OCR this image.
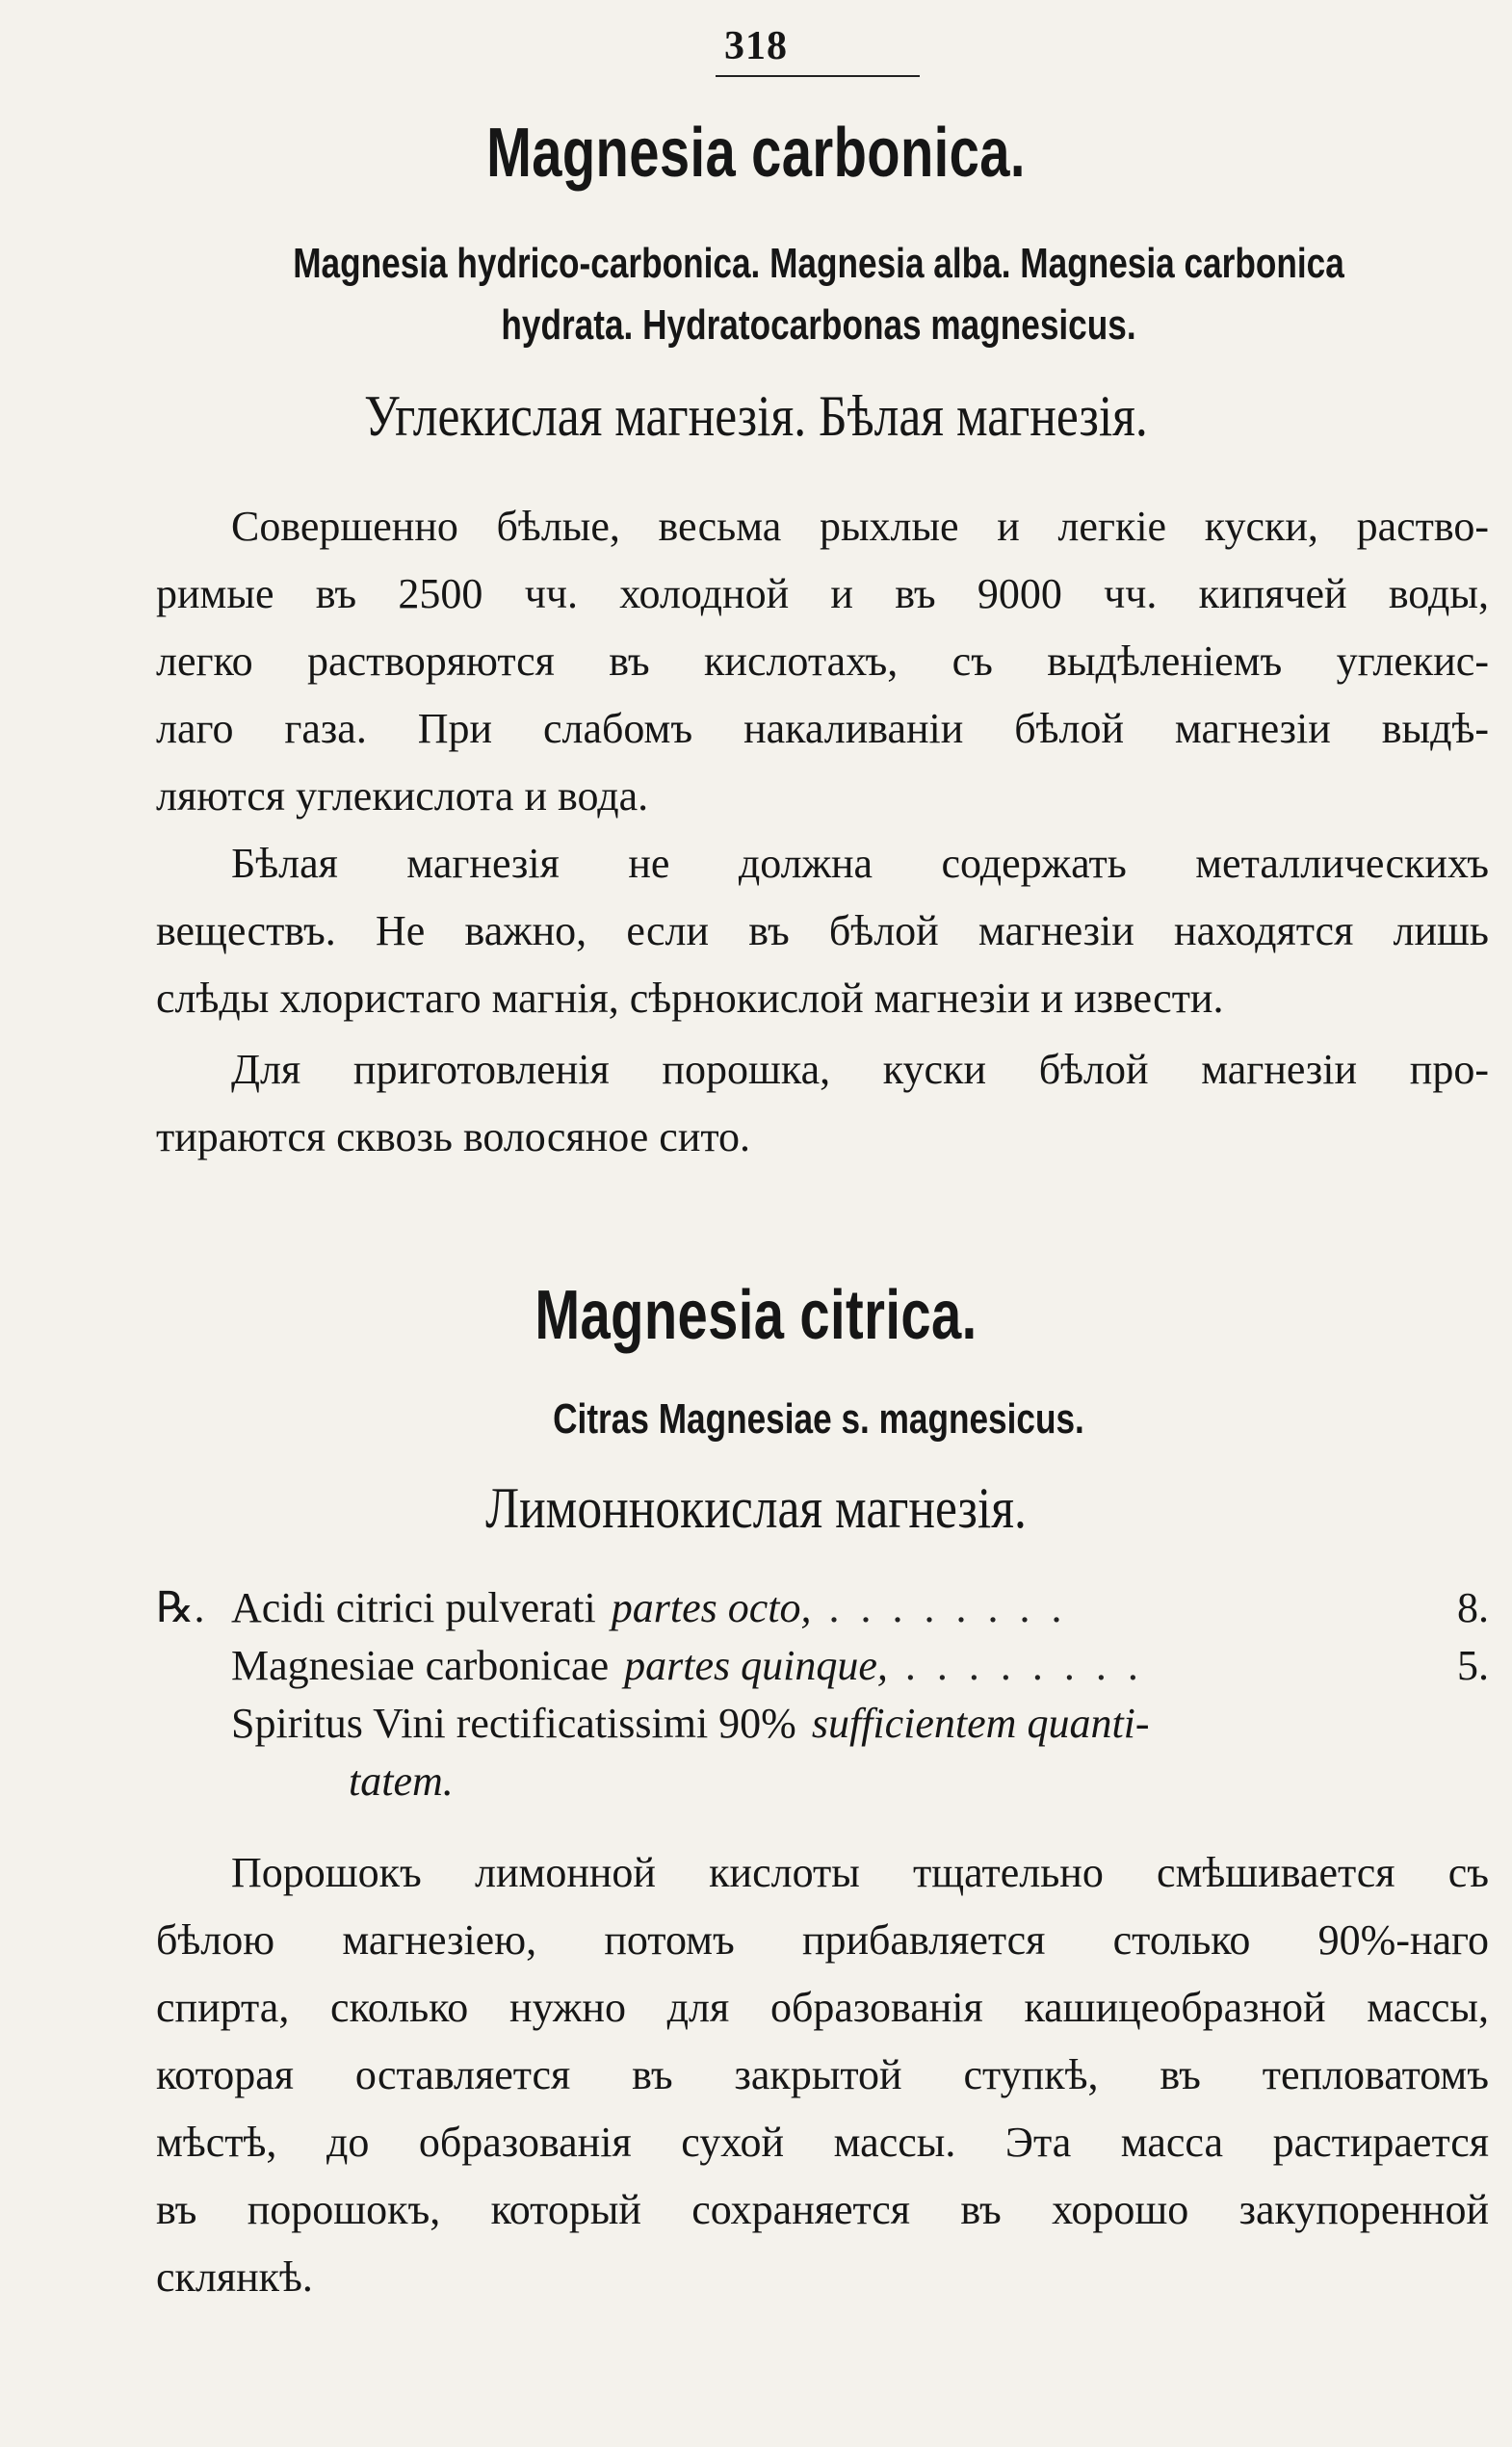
318
Magnesia carbonica.
Magnesia hydrico-carbonica. Magnesia alba. Magnesia carbonica
hydrata. Hydratocarbonas magnesicus.
Углекислая магнезія. Бѣлая магнезія.
Совершенно бѣлые, весьма рыхлые и легкіе куски, раство-
римые въ 2500 чч. холодной и въ 9000 чч. кипячей воды,
легко растворяются въ кислотахъ, съ выдѣленіемъ углекис-
лаго газа. При слабомъ накаливаніи бѣлой магнезіи выдѣ-
ляются углекислота и вода.
Бѣлая магнезія не должна содержать металлическихъ
веществъ. Не важно, если въ бѣлой магнезіи находятся лишь
слѣды хлористаго магнія, сѣрнокислой магнезіи и извести.
Для приготовленія порошка, куски бѣлой магнезіи про-
тираются сквозь волосяное сито.
Magnesia citrica.
Citras Magnesiae s. magnesicus.
Лимоннокислая магнезія.
℞. Acidi citrici pulverati partes octo, ........	8.
Magnesiae carbonicae partes quinque, ........	5.
Spiritus Vini rectificatissimi 90% sufficientem quanti-
tatem.
Порошокъ лимонной кислоты тщательно смѣшивается съ
бѣлою магнезіею, потомъ прибавляется столько 90%-наго
спирта, сколько нужно для образованія кашицеобразной массы,
которая оставляется въ закрытой ступкѣ, въ тепловатомъ
мѣстѣ, до образованія сухой массы. Эта масса растирается
въ порошокъ, который сохраняется въ хорошо закупоренной
склянкѣ.
